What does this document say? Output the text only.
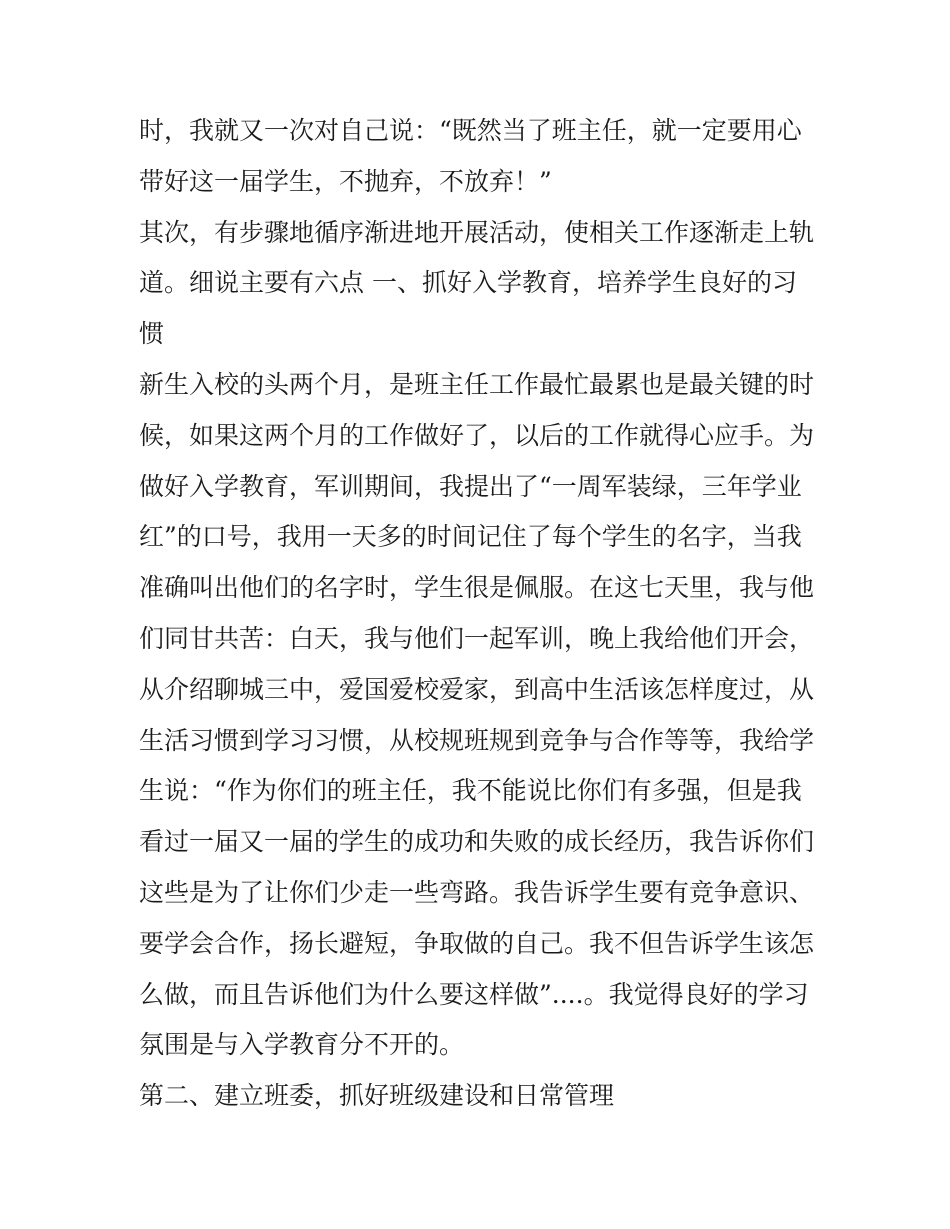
时，我就又一次对自己说：“既然当了班主任，就一定要用心
带好这一届学生，不抛弃，不放弃！”
其次，有步骤地循序渐进地开展活动，使相关工作逐渐走上轨
道。细说主要有六点 一、抓好入学教育，培养学生良好的习
惯
新生入校的头两个月，是班主任工作最忙最累也是最关键的时
候，如果这两个月的工作做好了，以后的工作就得心应手。为
做好入学教育，军训期间，我提出了“一周军装绿，三年学业
红”的口号，我用一天多的时间记住了每个学生的名字，当我
准确叫出他们的名字时，学生很是佩服。在这七天里，我与他
们同甘共苦：白天，我与他们一起军训，晚上我给他们开会，
从介绍聊城三中，爱国爱校爱家，到高中生活该怎样度过，从
生活习惯到学习习惯，从校规班规到竞争与合作等等，我给学
生说：“作为你们的班主任，我不能说比你们有多强，但是我
看过一届又一届的学生的成功和失败的成长经历，我告诉你们
这些是为了让你们少走一些弯路。我告诉学生要有竞争意识、
要学会合作，扬长避短，争取做的自己。我不但告诉学生该怎
么做，而且告诉他们为什么要这样做”....。我觉得良好的学习
氛围是与入学教育分不开的。
第二、建立班委，抓好班级建设和日常管理
